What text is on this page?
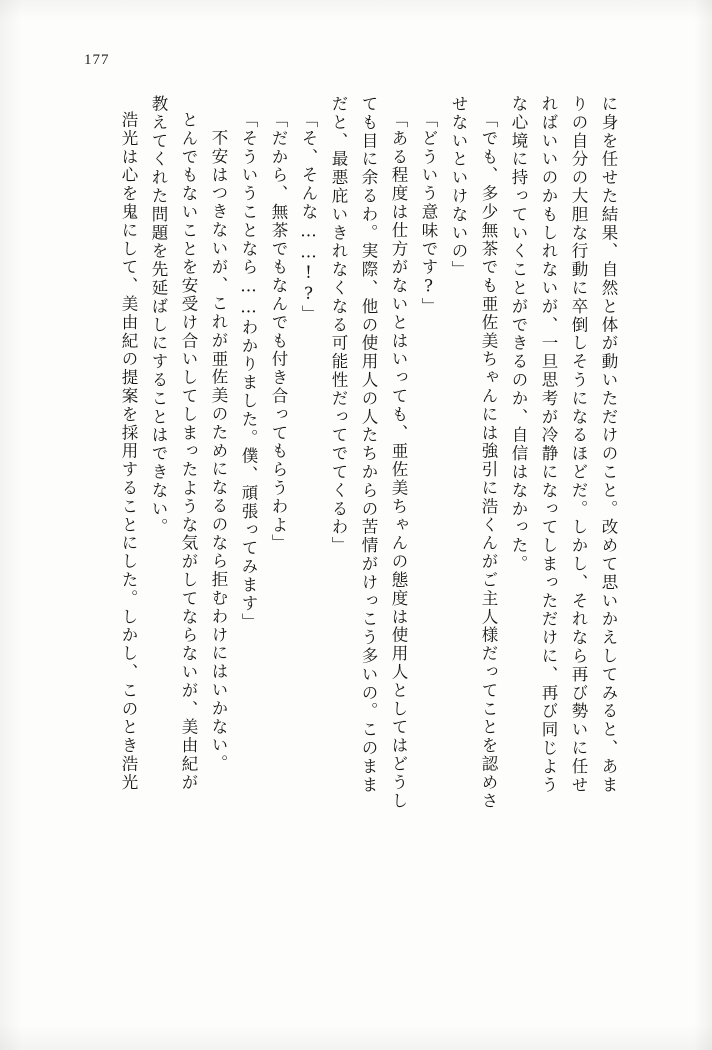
177
に身を任せた結果、自然と体が動いただけのこと。改めて思いかえしてみると、あま
りの自分の大胆な行動に卒倒しそうになるほどだ。しかし、それなら再び勢いに任せ
ればいいのかもしれないが、一旦思考が冷静になってしまっただけに、再び同じよう
な心境に持っていくことができるのか、自信はなかった。
「でも、多少無茶でも亜佐美ちゃんには強引に浩くんがご主人様だってことを認めさ
せないといけないの」
「どういう意味です?」
「ある程度は仕方がないとはいっても、亜佐美ちゃんの態度は使用人としてはどうし
ても目に余るわ。実際、他の使用人の人たちからの苦情がけっこう多いの。このまま
だと、最悪庇いきれなくなる可能性だってでてくるわ」
「そ、そんな……!?」
「だから、無茶でもなんでも付き合ってもらうわよ」
「そういうことなら……わかりました。僕、頑張ってみます」
不安はつきないが、これが亜佐美のためになるのなら拒むわけにはいかない。
とんでもないことを安受け合いしてしまったような気がしてならないが、美由紀が
教えてくれた問題を先延ばしにすることはできない。
浩光は心を鬼にして、美由紀の提案を採用することにした。しかし、このとき浩光
